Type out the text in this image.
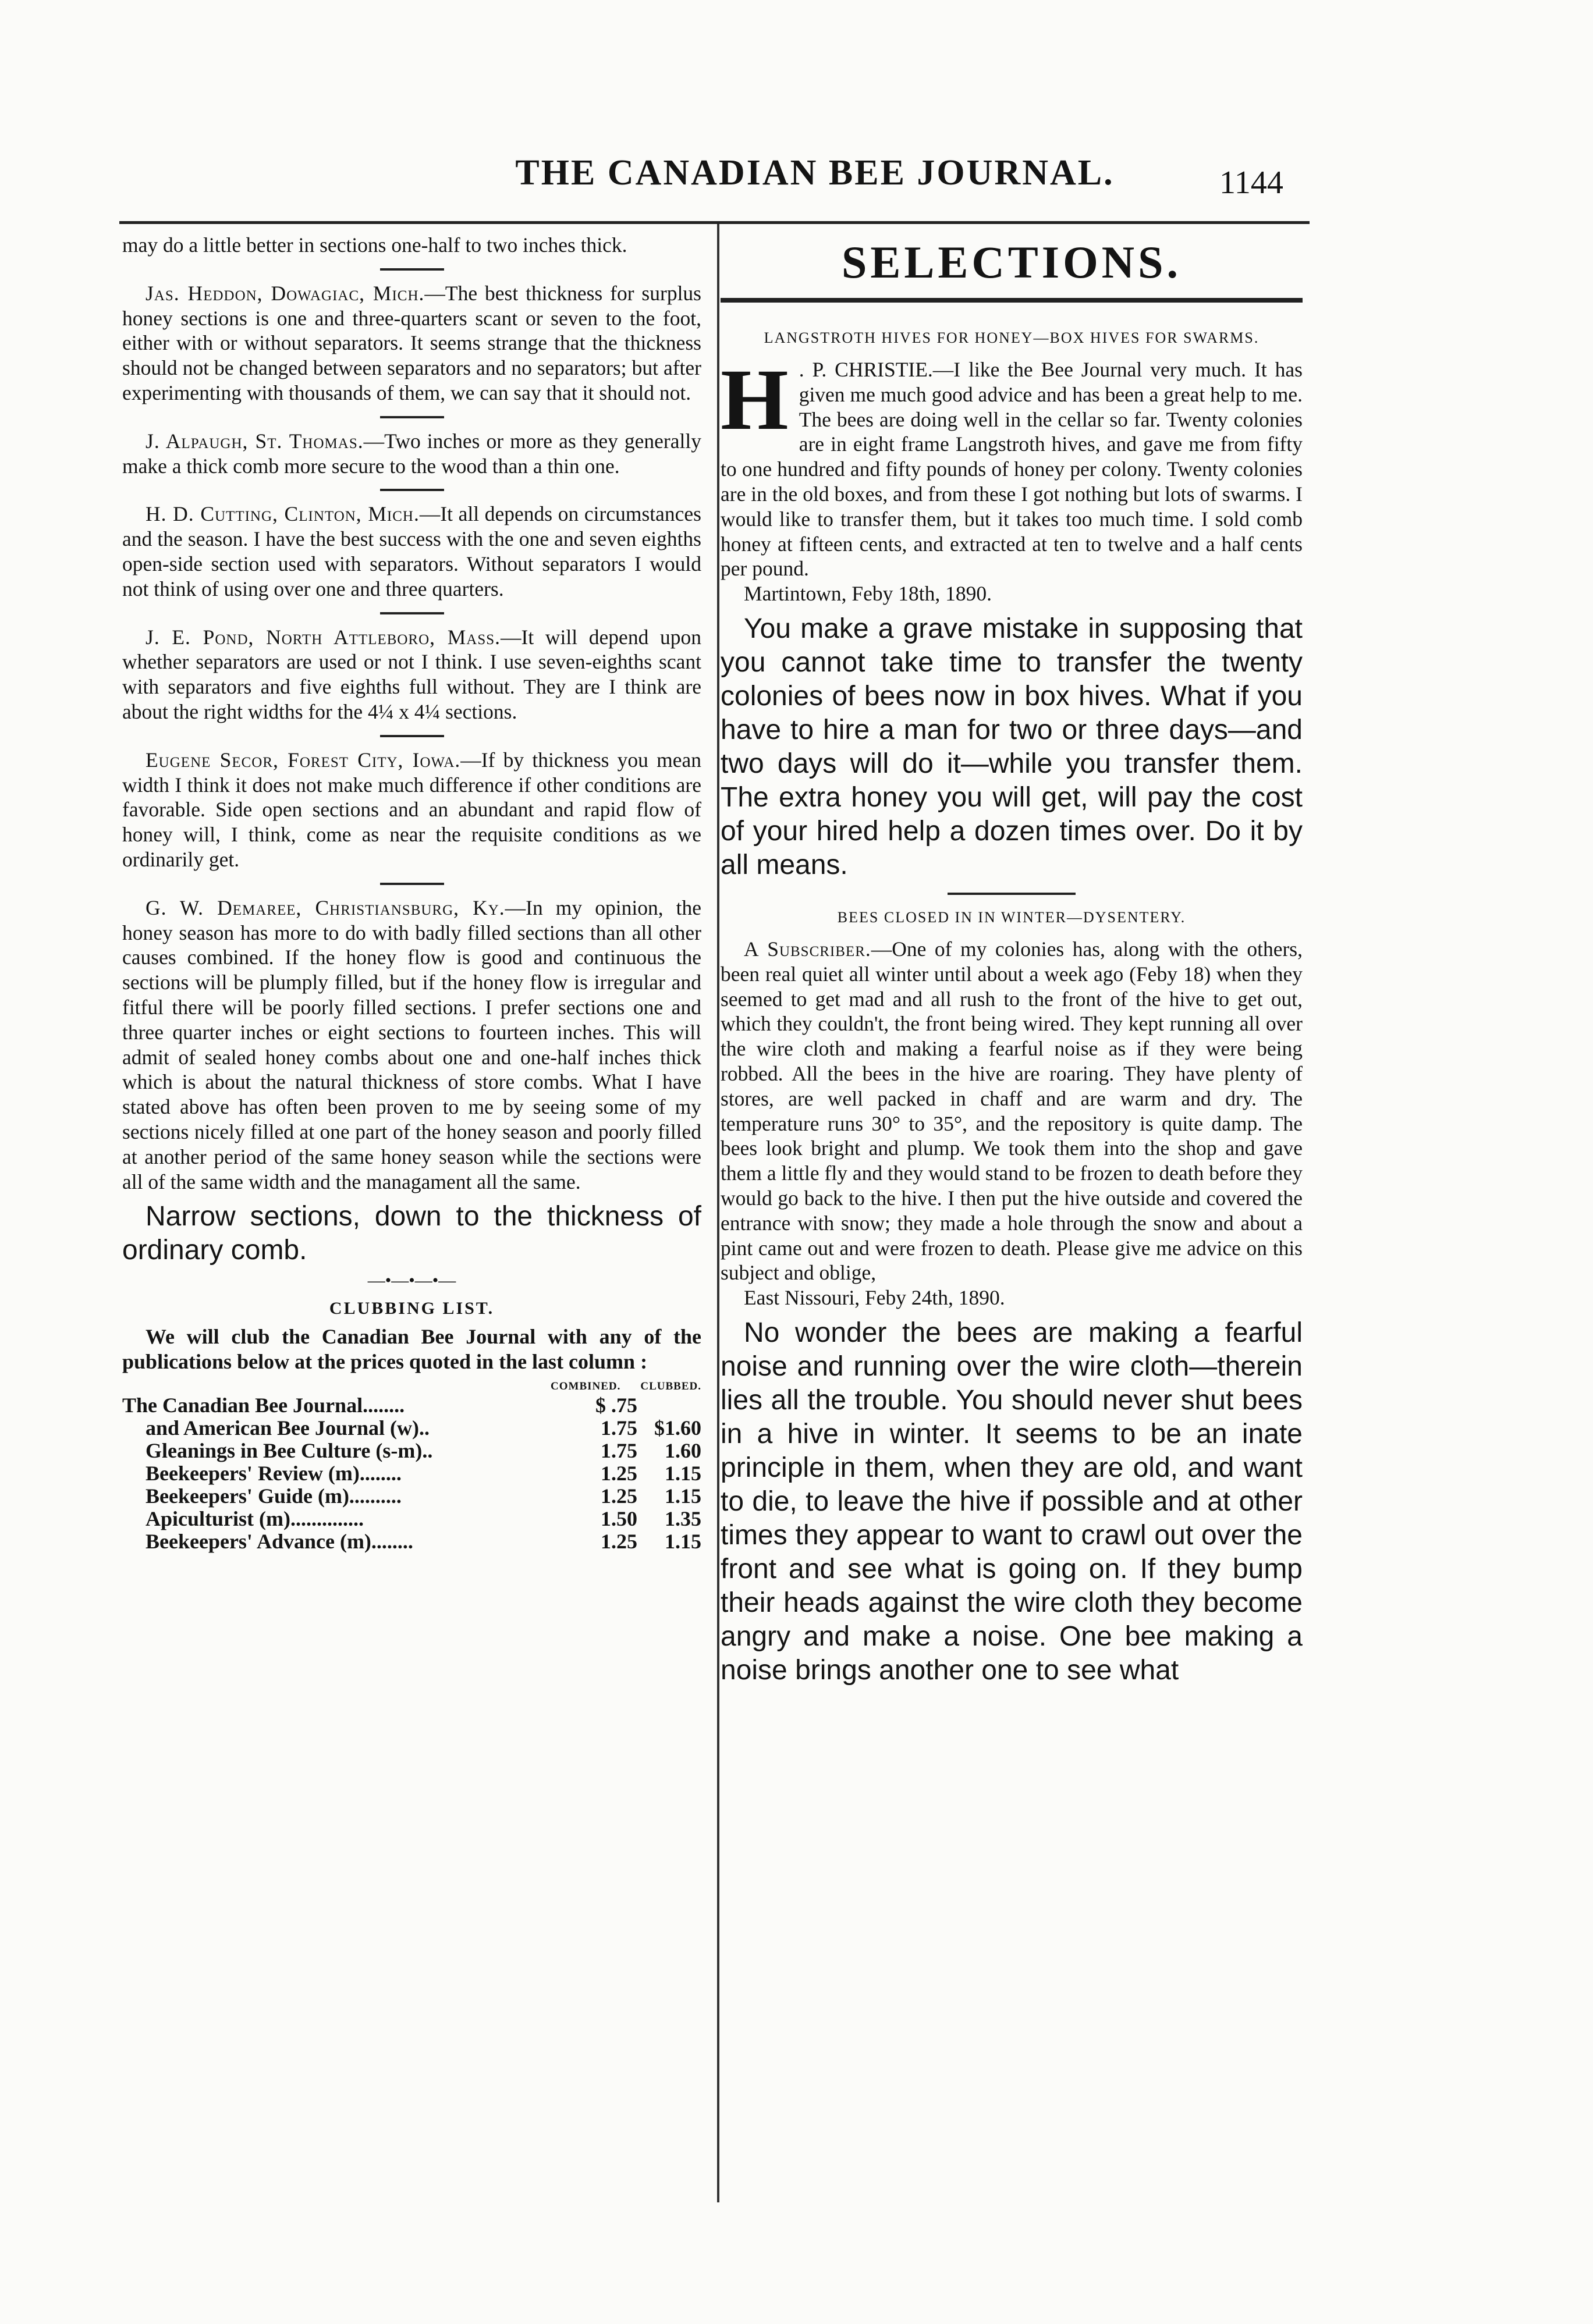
THE CANADIAN BEE JOURNAL.	1144

may do a little better in sections one-half to two inches thick.

Jas. Heddon, Dowagiac, Mich.—The best thickness for surplus honey sections is one and three-quarters scant or seven to the foot, either with or without separators. It seems strange that the thickness should not be changed between separators and no separators; but after experimenting with thousands of them, we can say that it should not.

J. Alpaugh, St. Thomas.—Two inches or more as they generally make a thick comb more secure to the wood than a thin one.

H. D. Cutting, Clinton, Mich.—It all depends on circumstances and the season. I have the best success with the one and seven eighths open-side section used with separators. Without separators I would not think of using over one and three quarters.

J. E. Pond, North Attleboro, Mass.—It will depend upon whether separators are used or not I think. I use seven-eighths scant with separators and five eighths full without. They are I think are about the right widths for the 4¼ x 4¼ sections.

Eugene Secor, Forest City, Iowa.—If by thickness you mean width I think it does not make much difference if other conditions are favorable. Side open sections and an abundant and rapid flow of honey will, I think, come as near the requisite conditions as we ordinarily get.

G. W. Demaree, Christiansburg, Ky.—In my opinion, the honey season has more to do with badly filled sections than all other causes combined. If the honey flow is good and continuous the sections will be plumply filled, but if the honey flow is irregular and fitful there will be poorly filled sections. I prefer sections one and three quarter inches or eight sections to fourteen inches. This will admit of sealed honey combs about one and one-half inches thick which is about the natural thickness of store combs. What I have stated above has often been proven to me by seeing some of my sections nicely filled at one part of the honey season and poorly filled at another period of the same honey season while the sections were all of the same width and the managament all the same.

Narrow sections, down to the thickness of ordinary comb.

—•—•—•—
CLUBBING LIST.

We will club the Canadian Bee Journal with any of the publications below at the prices quoted in the last column :

COMBINED. CLUBBED.
The Canadian Bee Journal........	$ .75	
and American Bee Journal (w)..	1.75	$1.60
Gleanings in Bee Culture (s-m)..	1.75	1.60
Beekeepers' Review (m)........	1.25	1.15
Beekeepers' Guide (m)..........	1.25	1.15
Apiculturist (m)..............	1.50	1.35
Beekeepers' Advance (m)........	1.25	1.15
SELECTIONS.
LANGSTROTH HIVES FOR HONEY—BOX HIVES FOR SWARMS.
H . P. CHRISTIE.—I like the Bee Journal very much. It has given me much good advice and has been a great help to me. The bees are doing well in the cellar so far. Twenty colonies are in eight frame Langstroth hives, and gave me from fifty to one hundred and fifty pounds of honey per colony. Twenty colonies are in the old boxes, and from these I got nothing but lots of swarms. I would like to transfer them, but it takes too much time. I sold comb honey at fifteen cents, and extracted at ten to twelve and a half cents per pound.

Martintown, Feby 18th, 1890.

You make a grave mistake in supposing that you cannot take time to transfer the twenty colonies of bees now in box hives. What if you have to hire a man for two or three days—and two days will do it—while you transfer them. The extra honey you will get, will pay the cost of your hired help a dozen times over. Do it by all means.

BEES CLOSED IN IN WINTER—DYSENTERY.

A Subscriber.—One of my colonies has, along with the others, been real quiet all winter until about a week ago (Feby 18) when they seemed to get mad and all rush to the front of the hive to get out, which they couldn't, the front being wired. They kept running all over the wire cloth and making a fearful noise as if they were being robbed. All the bees in the hive are roaring. They have plenty of stores, are well packed in chaff and are warm and dry. The temperature runs 30° to 35°, and the repository is quite damp. The bees look bright and plump. We took them into the shop and gave them a little fly and they would stand to be frozen to death before they would go back to the hive. I then put the hive outside and covered the entrance with snow; they made a hole through the snow and about a pint came out and were frozen to death. Please give me advice on this subject and oblige,

East Nissouri, Feby 24th, 1890.

No wonder the bees are making a fearful noise and running over the wire cloth—therein lies all the trouble. You should never shut bees in a hive in winter. It seems to be an inate principle in them, when they are old, and want to die, to leave the hive if possible and at other times they appear to want to crawl out over the front and see what is going on. If they bump their heads against the wire cloth they become angry and make a noise. One bee making a noise brings another one to see what
